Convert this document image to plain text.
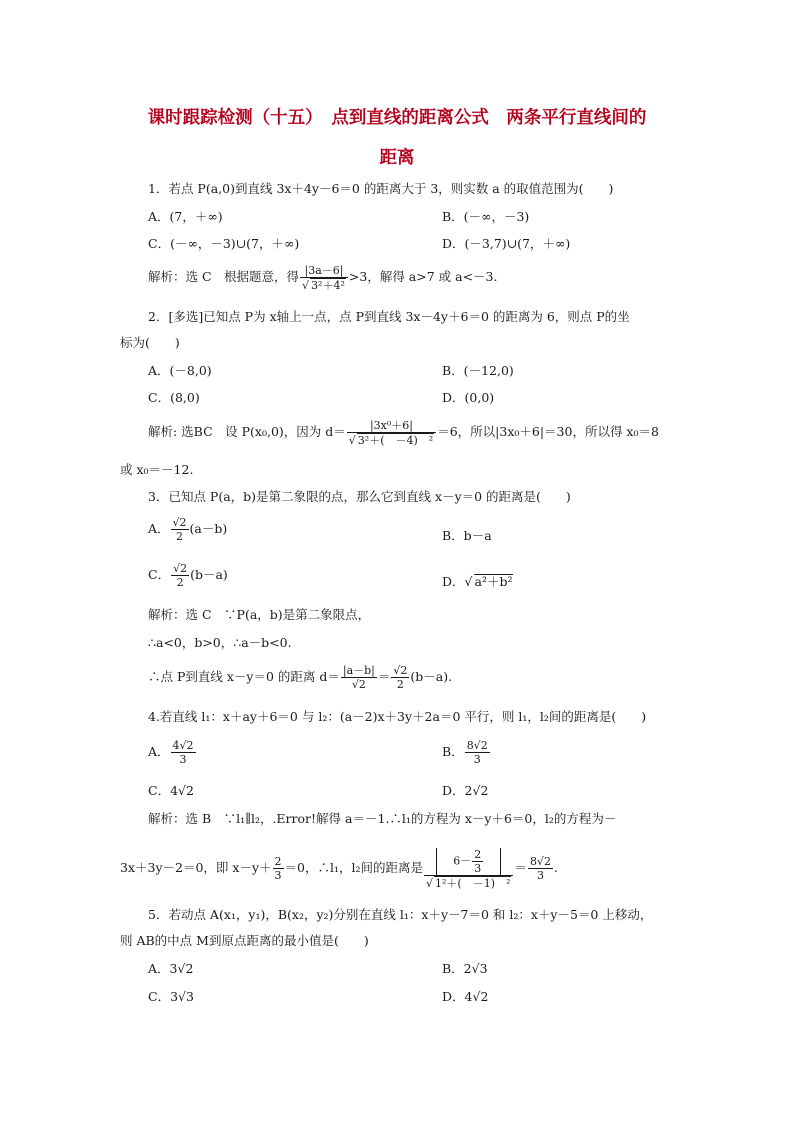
课时跟踪检测（十五）　点到直线的距离公式　两条平行直线间的
距离
1．若点 P(a,0)到直线 3x＋4y－6＝0 的距离大于 3，则实数 a 的取值范围为(　　)
A．(7，＋∞)	B．(－∞，－3)
C．(－∞，－3)∪(7，＋∞)	D．(－3,7)∪(7，＋∞)
解析：选 C　根据题意，得 $\frac{|3a-6|}{\text{√ 3²＋4²}} >3$，解得 a>7 或 a<－3.
2．[多选]已知点 P为 x轴上一点，点 P到直线 3x－4y＋6＝0 的距离为 6，则点 P的坐
标为(　　)
A．(－8,0)	B．(－12,0)
C．(8,0)	D．(0,0)
解析: 选BC　设 P(x₀,0)，因为 $d= \frac{\text{|3x⁰＋6|}}{\text{√ 3²＋(　－4)　²}} =6$，所以|3x₀＋6|＝30，所以得 x₀＝8
或 x₀＝－12.
3．已知点 P(a，b)是第二象限的点，那么它到直线 x－y＝0 的距离是(　　)
A． $\frac{√2}{2} (a-b)$	B．b－a
C． $\frac{√2}{2} (b-a)$	D．√ a²＋b²
解析：选 C　∵P(a，b)是第二象限点，
∴a<0，b>0，∴a－b<0.
∴点 P到直线 x－y＝0 的距离 $d= \frac{|a-b|}{√2} = \frac{√2}{2} (b-a)$.
4.若直线 l₁：x＋ay＋6＝0 与 l₂：(a－2)x＋3y＋2a＝0 平行，则 l₁，l₂间的距离是(　　)
A． $\frac{4√2}{3}$	B． $\frac{8√2}{3}$
C．4√2	D．2√2
解析：选 B　∵l₁∥l₂，.Error!解得 a＝－1.∴l₁的方程为 x－y＋6＝0，l₂的方程为－
3x＋3y－2＝0，即 $x-y+ \frac{2}{3} =0$，∴l₁，l₂间的距离是 $\frac{6- \frac{2}{3}}{\text{√ 1²＋(　－1)　²}} = \frac{8√2}{3}$ .
5．若动点 A(x₁，y₁)，B(x₂，y₂)分别在直线 l₁：x＋y－7＝0 和 l₂：x＋y－5＝0 上移动，
则 AB的中点 M到原点距离的最小值是(　　)
A．3√2	B．2√3
C．3√3	D．4√2
